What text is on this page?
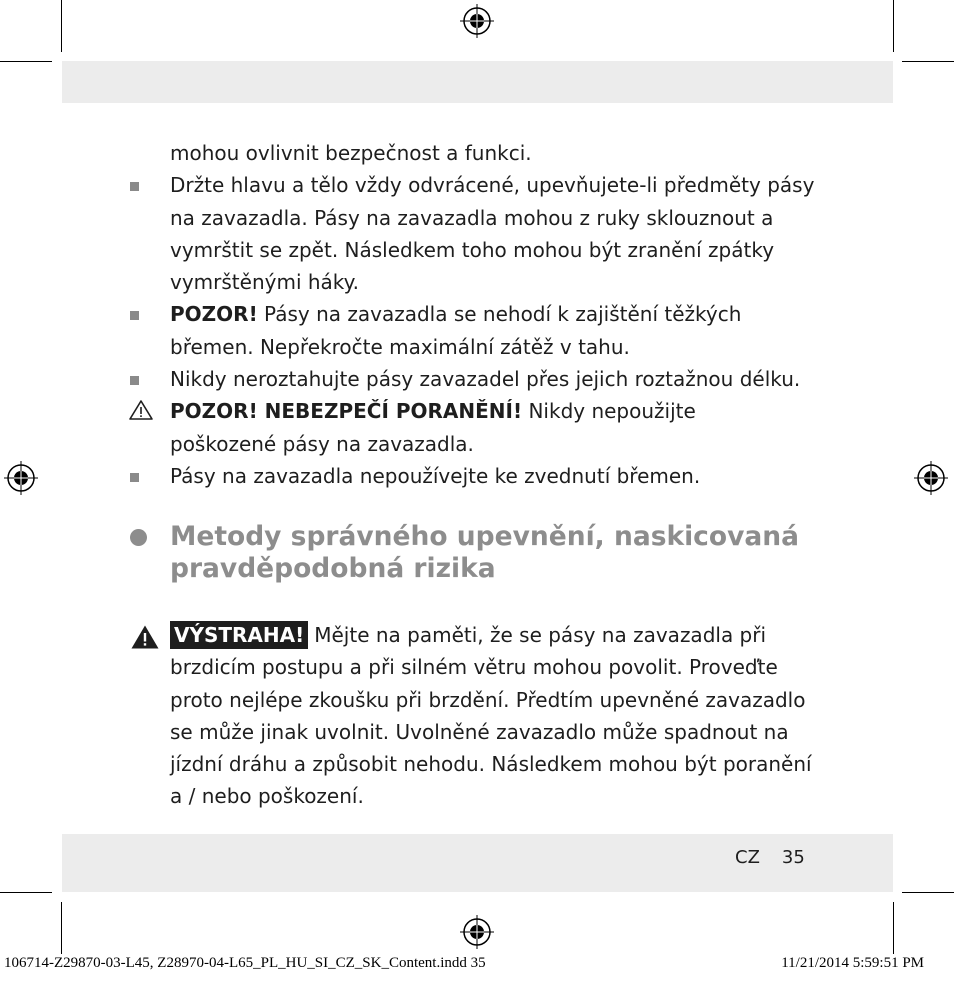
mohou ovlivnit bezpečnost a funkci.
Držte hlavu a tělo vždy odvrácené, upevňujete-li předměty pásy
na zavazadla. Pásy na zavazadla mohou z ruky sklouznout a
vymrštit se zpět. Následkem toho mohou být zranění zpátky
vymrštěnými háky.
POZOR! Pásy na zavazadla se nehodí k zajištění těžkých
břemen. Nepřekročte maximální zátěž v tahu.
Nikdy neroztahujte pásy zavazadel přes jejich roztažnou délku.
POZOR! NEBEZPEČÍ PORANĚNÍ! Nikdy nepoužijte
poškozené pásy na zavazadla.
Pásy na zavazadla nepoužívejte ke zvednutí břemen.
Metody správného upevnění, naskicovaná
pravděpodobná rizika
VÝSTRAHA! Mějte na paměti, že se pásy na zavazadla při
brzdicím postupu a při silném větru mohou povolit. Proveďte
proto nejlépe zkoušku při brzdění. Předtím upevněné zavazadlo
se může jinak uvolnit. Uvolněné zavazadlo může spadnout na
jízdní dráhu a způsobit nehodu. Následkem mohou být poranění
a / nebo poškození.
CZ 35
106714-Z29870-03-L45, Z28970-04-L65_PL_HU_SI_CZ_SK_Content.indd 35	11/21/2014 5:59:51 PM
